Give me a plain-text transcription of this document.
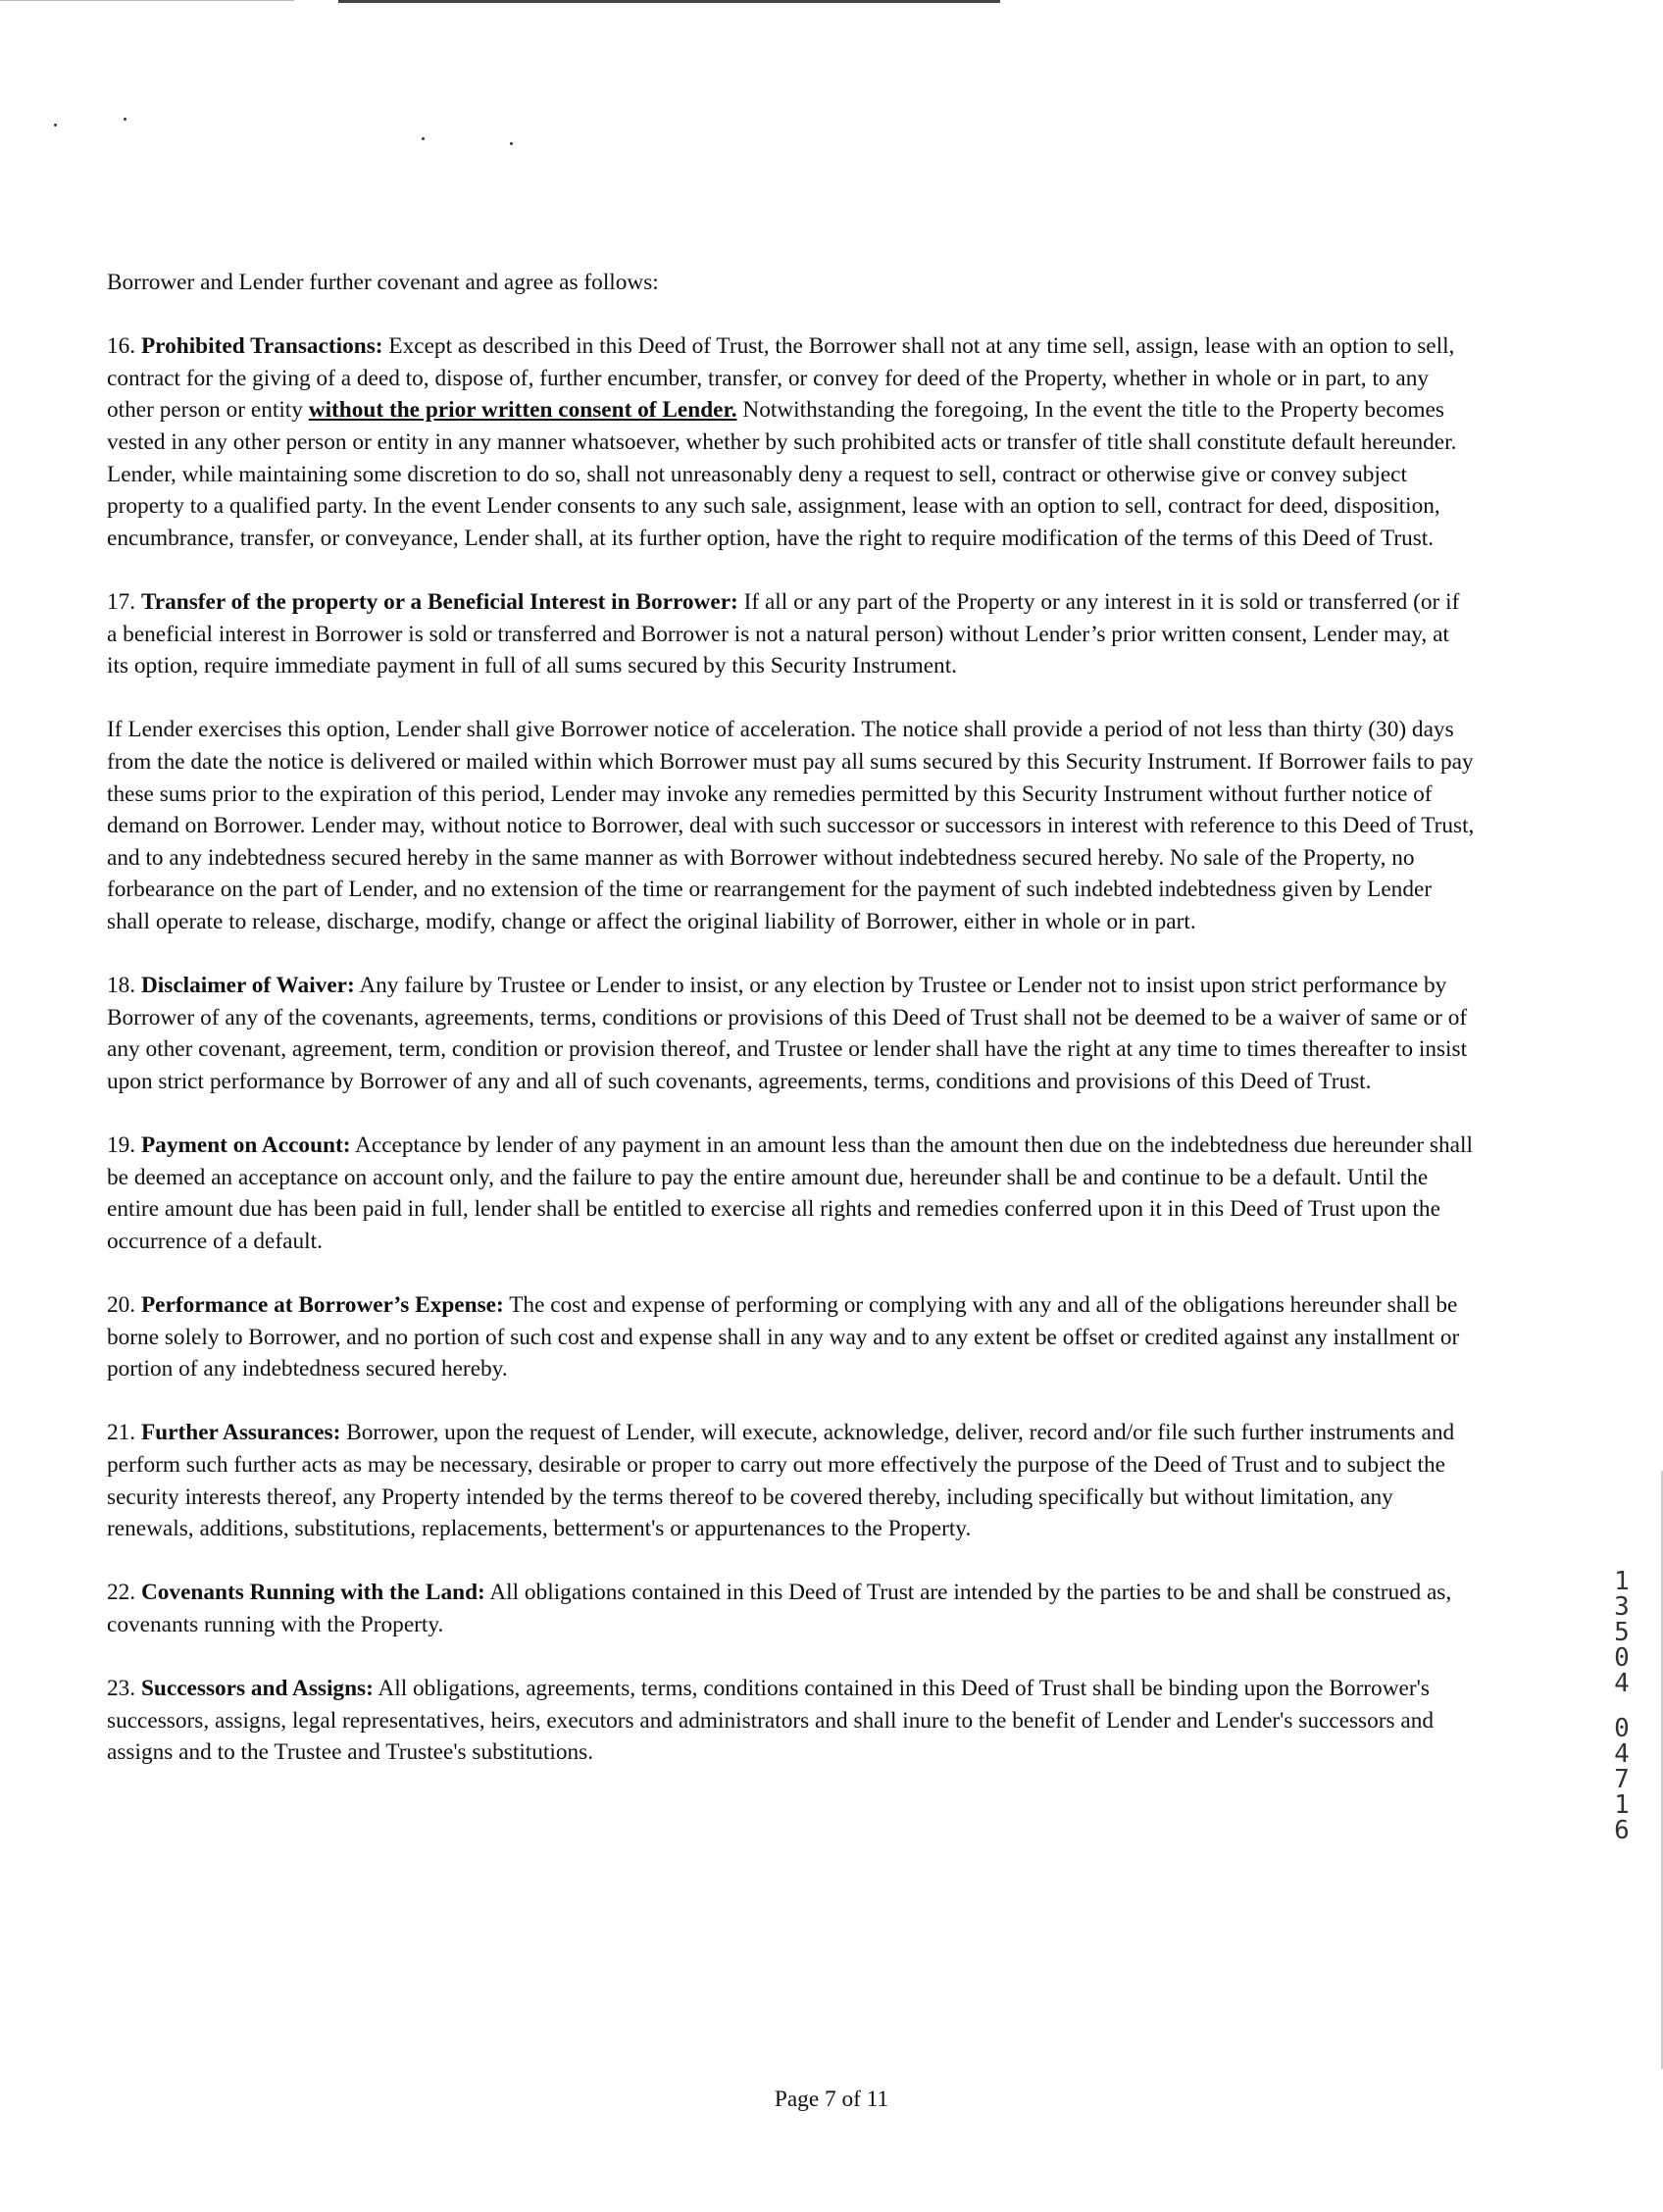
Borrower and Lender further covenant and agree as follows:

16. Prohibited Transactions: Except as described in this Deed of Trust, the Borrower shall not at any time sell, assign, lease with an option to sell, contract for the giving of a deed to, dispose of, further encumber, transfer, or convey for deed of the Property, whether in whole or in part, to any other person or entity without the prior written consent of Lender. Notwithstanding the foregoing, In the event the title to the Property becomes vested in any other person or entity in any manner whatsoever, whether by such prohibited acts or transfer of title shall constitute default hereunder. Lender, while maintaining some discretion to do so, shall not unreasonably deny a request to sell, contract or otherwise give or convey subject property to a qualified party. In the event Lender consents to any such sale, assignment, lease with an option to sell, contract for deed, disposition, encumbrance, transfer, or conveyance, Lender shall, at its further option, have the right to require modification of the terms of this Deed of Trust.

17. Transfer of the property or a Beneficial Interest in Borrower: If all or any part of the Property or any interest in it is sold or transferred (or if a beneficial interest in Borrower is sold or transferred and Borrower is not a natural person) without Lender’s prior written consent, Lender may, at its option, require immediate payment in full of all sums secured by this Security Instrument.

If Lender exercises this option, Lender shall give Borrower notice of acceleration. The notice shall provide a period of not less than thirty (30) days from the date the notice is delivered or mailed within which Borrower must pay all sums secured by this Security Instrument. If Borrower fails to pay these sums prior to the expiration of this period, Lender may invoke any remedies permitted by this Security Instrument without further notice of demand on Borrower. Lender may, without notice to Borrower, deal with such successor or successors in interest with reference to this Deed of Trust, and to any indebtedness secured hereby in the same manner as with Borrower without indebtedness secured hereby. No sale of the Property, no forbearance on the part of Lender, and no extension of the time or rearrangement for the payment of such indebted indebtedness given by Lender shall operate to release, discharge, modify, change or affect the original liability of Borrower, either in whole or in part.

18. Disclaimer of Waiver: Any failure by Trustee or Lender to insist, or any election by Trustee or Lender not to insist upon strict performance by Borrower of any of the covenants, agreements, terms, conditions or provisions of this Deed of Trust shall not be deemed to be a waiver of same or of any other covenant, agreement, term, condition or provision thereof, and Trustee or lender shall have the right at any time to times thereafter to insist upon strict performance by Borrower of any and all of such covenants, agreements, terms, conditions and provisions of this Deed of Trust.

19. Payment on Account: Acceptance by lender of any payment in an amount less than the amount then due on the indebtedness due hereunder shall be deemed an acceptance on account only, and the failure to pay the entire amount due, hereunder shall be and continue to be a default. Until the entire amount due has been paid in full, lender shall be entitled to exercise all rights and remedies conferred upon it in this Deed of Trust upon the occurrence of a default.

20. Performance at Borrower’s Expense: The cost and expense of performing or complying with any and all of the obligations hereunder shall be borne solely to Borrower, and no portion of such cost and expense shall in any way and to any extent be offset or credited against any installment or portion of any indebtedness secured hereby.

21. Further Assurances: Borrower, upon the request of Lender, will execute, acknowledge, deliver, record and/or file such further instruments and perform such further acts as may be necessary, desirable or proper to carry out more effectively the purpose of the Deed of Trust and to subject the security interests thereof, any Property intended by the terms thereof to be covered thereby, including specifically but without limitation, any renewals, additions, substitutions, replacements, betterment's or appurtenances to the Property.

22. Covenants Running with the Land: All obligations contained in this Deed of Trust are intended by the parties to be and shall be construed as, covenants running with the Property.

23. Successors and Assigns: All obligations, agreements, terms, conditions contained in this Deed of Trust shall be binding upon the Borrower's successors, assigns, legal representatives, heirs, executors and administrators and shall inure to the benefit of Lender and Lender's successors and assigns and to the Trustee and Trustee's substitutions.

1
3
5
0
4
0
4
7
1
6
Page 7 of 11
